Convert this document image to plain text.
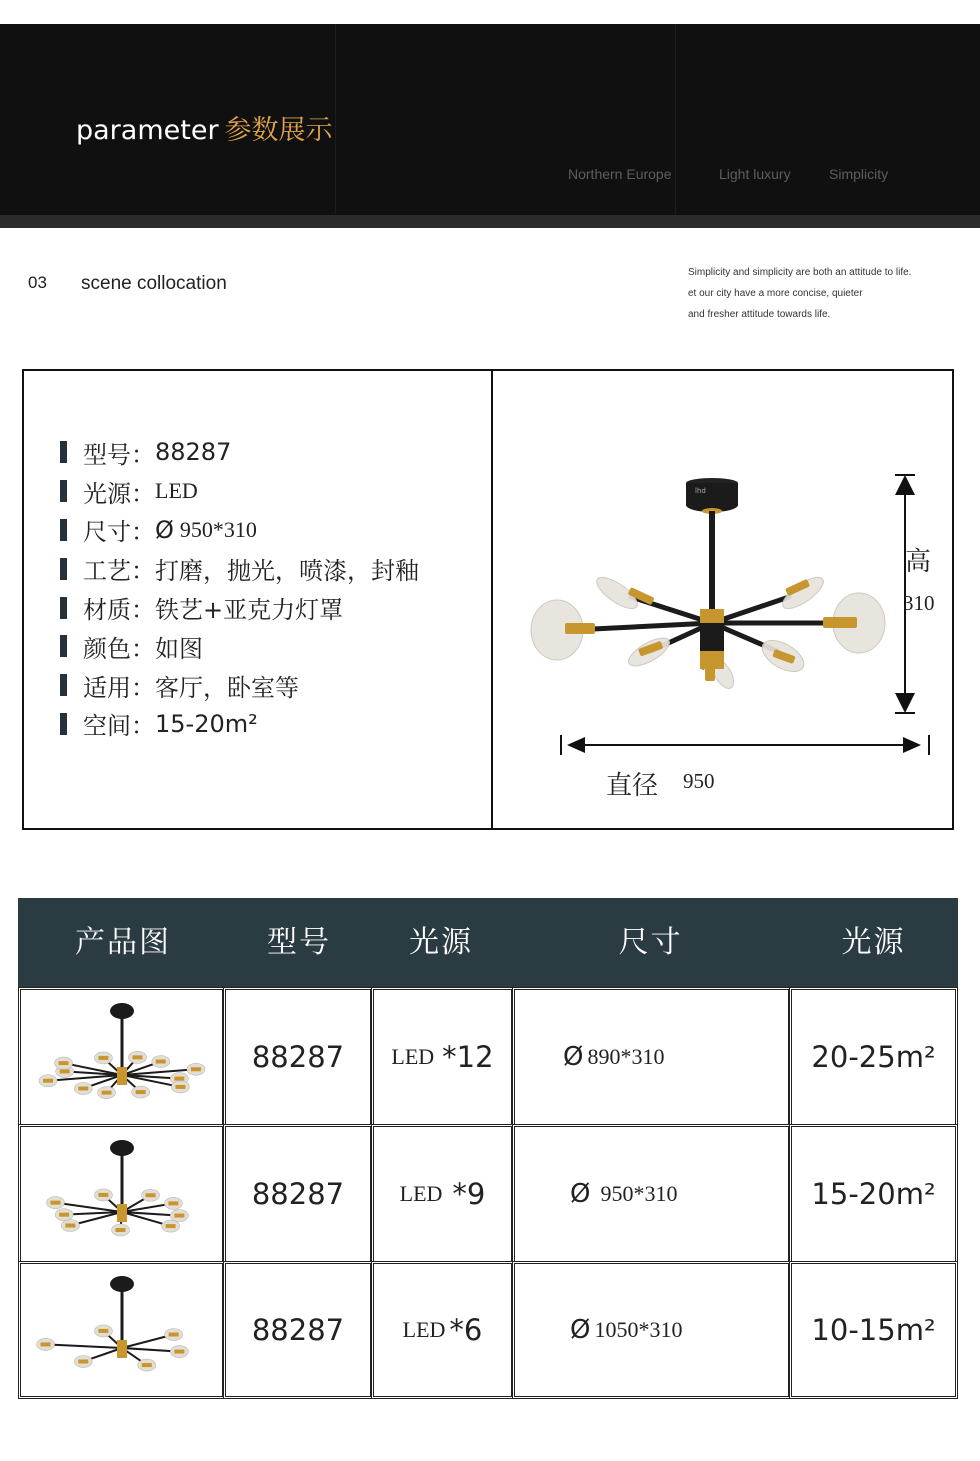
parameter 参数展示
Northern Europe	Light luxury	Simplicity
03 scene collocation
Simplicity and simplicity are both an attitude to life.
et our city have a more concise, quieter
and fresher attitude towards life.
型号： 88287
光源： LED
尺寸： Ø 950*310
工艺： 打磨，抛光，喷漆，封釉
材质： 铁艺+亚克力灯罩
颜色： 如图
适用： 客厅，卧室等
空间： 15-20m²
lhd
高
310
直径 950
产品图	型号	光源	尺寸	光源
88287 LED *12	Ø 890*310	20-25m²
88287	LED *9	Ø 950*310	15-20m²
88287	LED *6	Ø 1050*310	10-15m²
